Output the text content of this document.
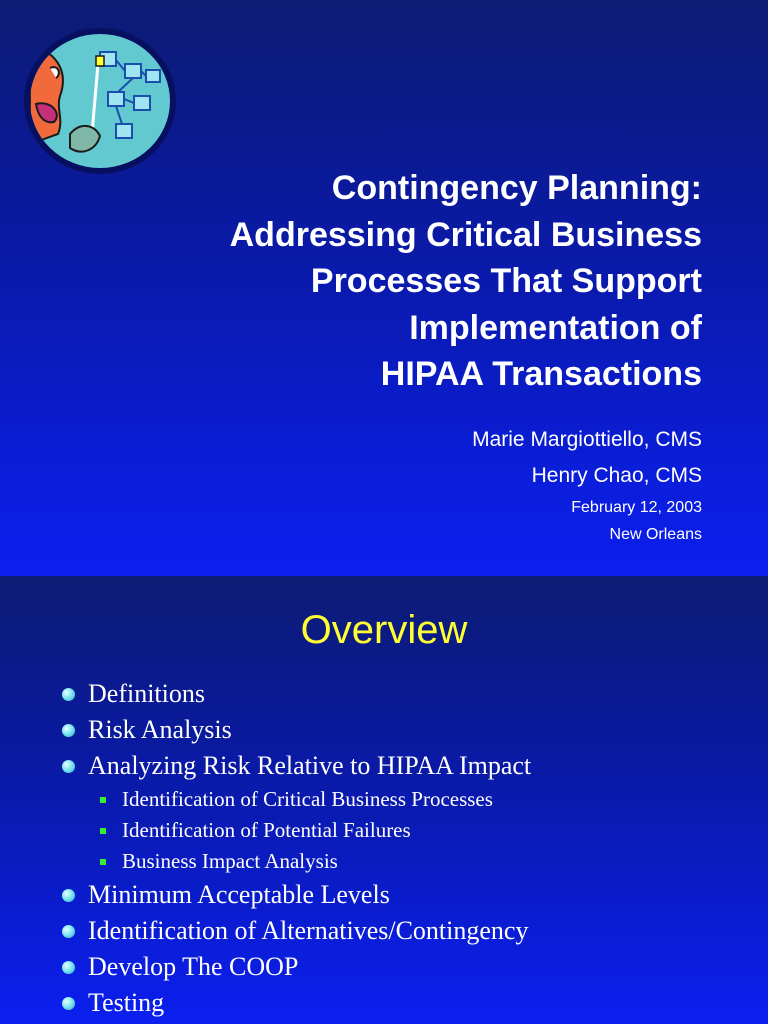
Contingency Planning:
Addressing Critical Business
Processes That Support
Implementation of
HIPAA Transactions
Marie Margiottiello, CMS
Henry Chao, CMS
February 12, 2003
New Orleans
Overview
Definitions
Risk Analysis
Analyzing Risk Relative to HIPAA Impact
Identification of Critical Business Processes
Identification of Potential Failures
Business Impact Analysis
Minimum Acceptable Levels
Identification of Alternatives/Contingency
Develop The COOP
Testing
